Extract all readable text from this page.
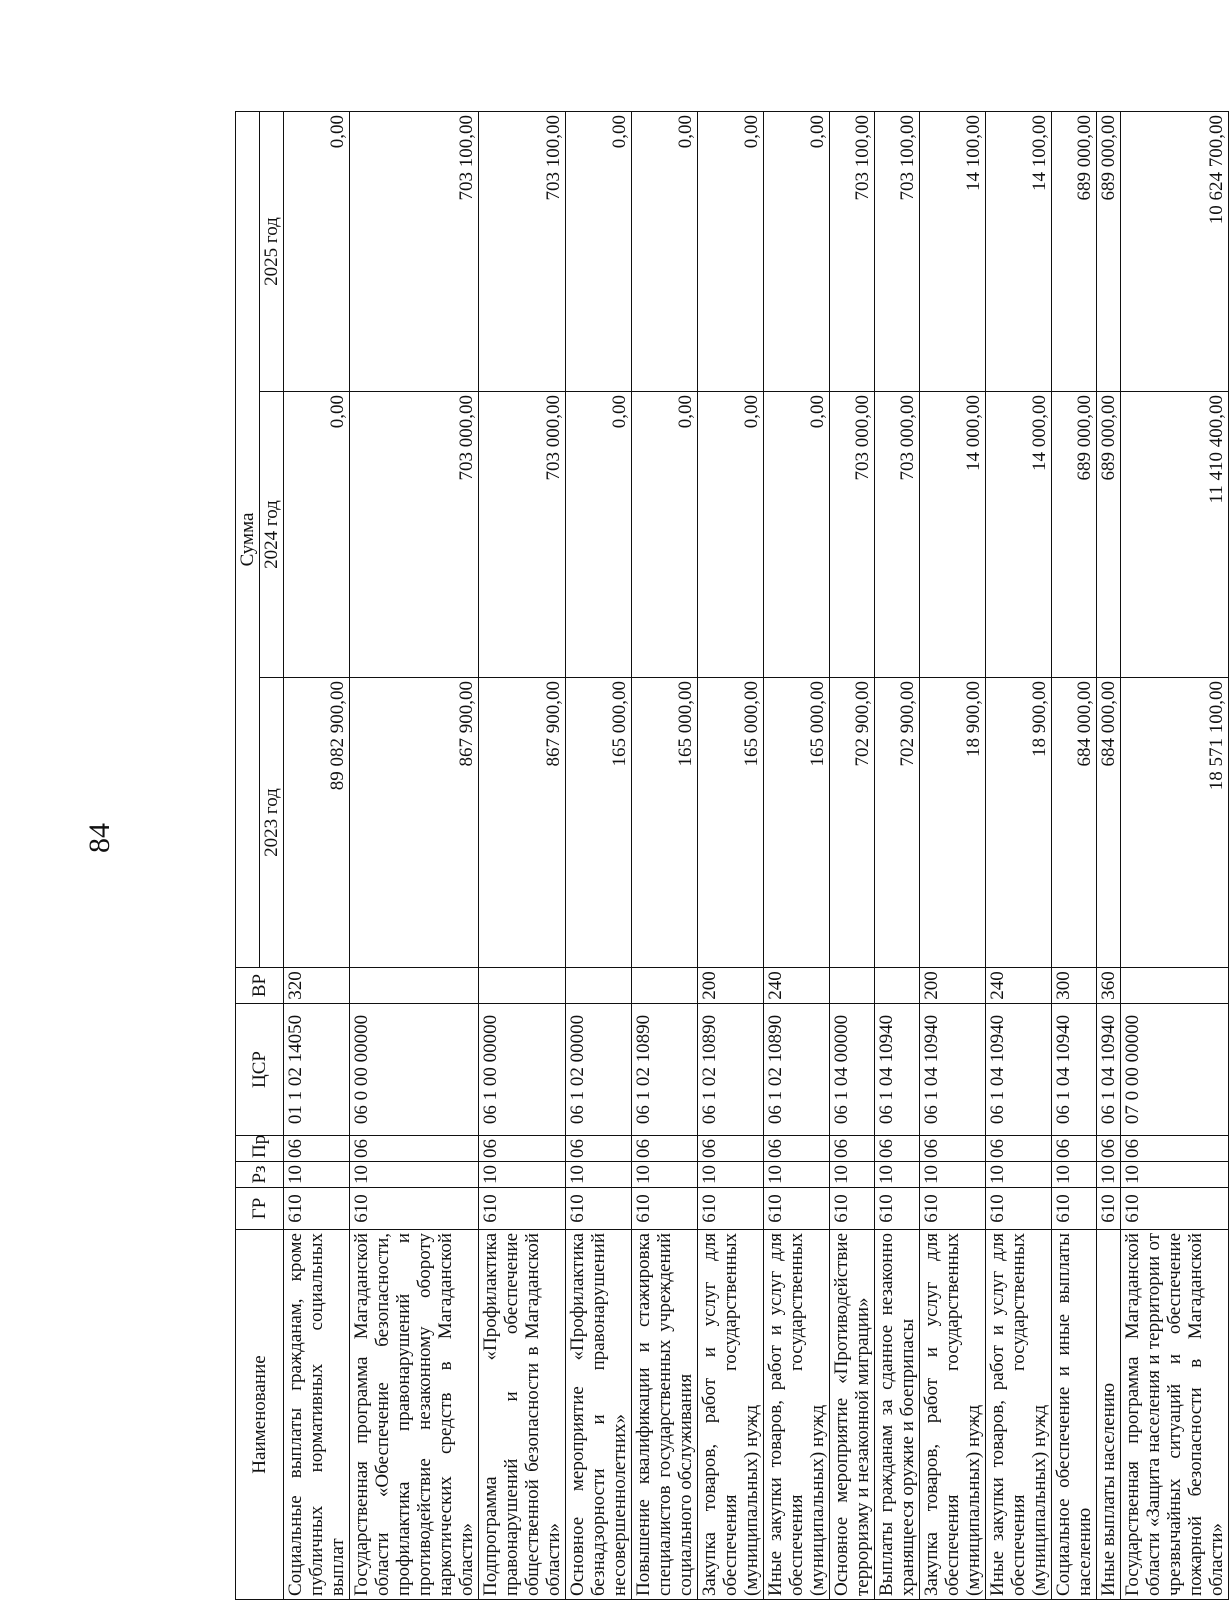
84
Наименование	ГР	Рз	Пр	ЦСР	ВР	Сумма		
						2023 год	2024 год	2025 год
Социальные выплаты гражданам, кроме публичных нормативных социальных выплат	610	10	06	01 1 02 14050	320	89 082 900,00	0,00	0,00
Государственная программа Магаданской области «Обеспечение безопасности, профилактика правонарушений и противодействие незаконному обороту наркотических средств в Магаданской области»	610	10	06	06 0 00 00000		867 900,00	703 000,00	703 100,00
Подпрограмма «Профилактика правонарушений и обеспечение общественной безопасности в Магаданской области»	610	10	06	06 1 00 00000		867 900,00	703 000,00	703 100,00
Основное мероприятие «Профилактика безнадзорности и правонарушений несовершеннолетних»	610	10	06	06 1 02 00000		165 000,00	0,00	0,00
Повышение квалификации и стажировка специалистов государственных учреждений социального обслуживания	610	10	06	06 1 02 10890		165 000,00	0,00	0,00
Закупка товаров, работ и услуг для обеспечения государственных (муниципальных) нужд	610	10	06	06 1 02 10890	200	165 000,00	0,00	0,00
Иные закупки товаров, работ и услуг для обеспечения государственных (муниципальных) нужд	610	10	06	06 1 02 10890	240	165 000,00	0,00	0,00
Основное мероприятие «Противодействие терроризму и незаконной миграции»	610	10	06	06 1 04 00000		702 900,00	703 000,00	703 100,00
Выплаты гражданам за сданное незаконно хранящееся оружие и боеприпасы	610	10	06	06 1 04 10940		702 900,00	703 000,00	703 100,00
Закупка товаров, работ и услуг для обеспечения государственных (муниципальных) нужд	610	10	06	06 1 04 10940	200	18 900,00	14 000,00	14 100,00
Иные закупки товаров, работ и услуг для обеспечения государственных (муниципальных) нужд	610	10	06	06 1 04 10940	240	18 900,00	14 000,00	14 100,00
Социальное обеспечение и иные выплаты населению	610	10	06	06 1 04 10940	300	684 000,00	689 000,00	689 000,00
Иные выплаты населению	610	10	06	06 1 04 10940	360	684 000,00	689 000,00	689 000,00
Государственная программа Магаданской области «Защита населения и территории от чрезвычайных ситуаций и обеспечение пожарной безопасности в Магаданской области»	610	10	06	07 0 00 00000		18 571 100,00	11 410 400,00	10 624 700,00
